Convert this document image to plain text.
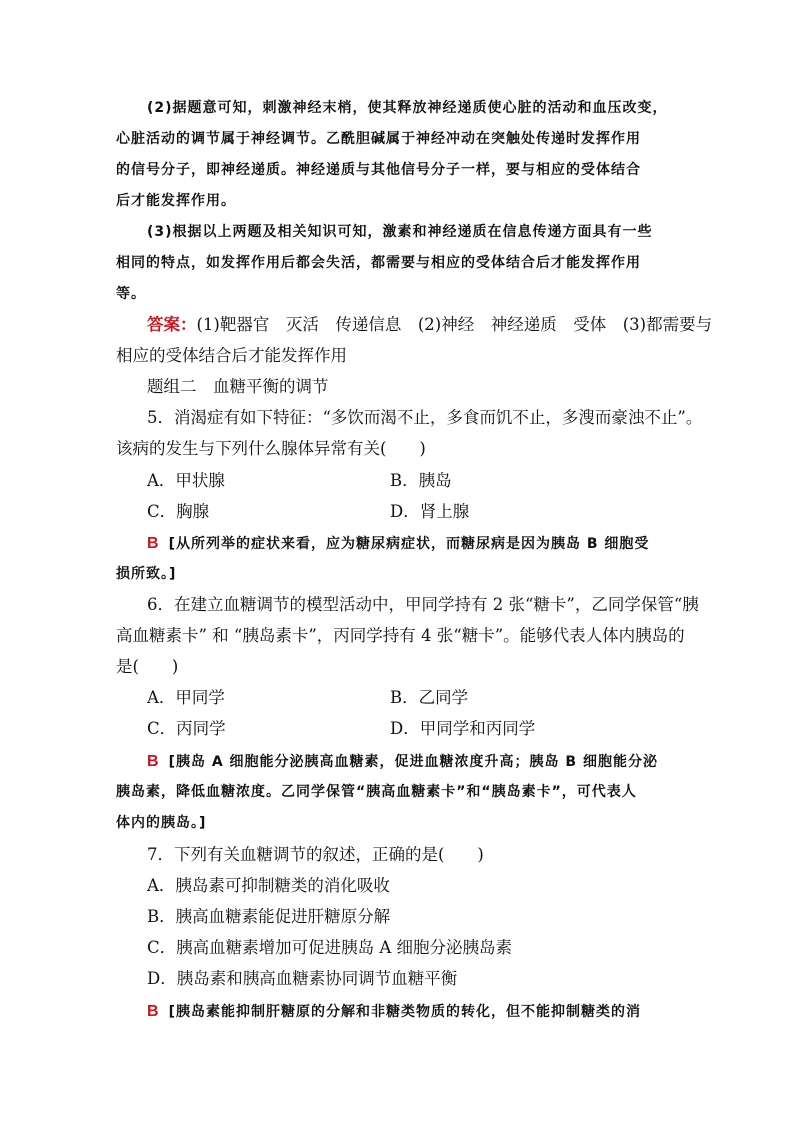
(2)据题意可知，刺激神经末梢，使其释放神经递质使心脏的活动和血压改变，
心脏活动的调节属于神经调节。乙酰胆碱属于神经冲动在突触处传递时发挥作用
的信号分子，即神经递质。神经递质与其他信号分子一样，要与相应的受体结合
后才能发挥作用。
(3)根据以上两题及相关知识可知，激素和神经递质在信息传递方面具有一些
相同的特点，如发挥作用后都会失活，都需要与相应的受体结合后才能发挥作用
等。
答案：(1)靶器官　灭活　传递信息　(2)神经　神经递质　受体　(3)都需要与
相应的受体结合后才能发挥作用
题组二　血糖平衡的调节
5．消渴症有如下特征：“多饮而渴不止，多食而饥不止，多溲而豪浊不止”。
该病的发生与下列什么腺体异常有关(　　)
A．甲状腺	B．胰岛
C．胸腺	D．肾上腺
B [从所列举的症状来看，应为糖尿病症状，而糖尿病是因为胰岛 B 细胞受
损所致。]
6．在建立血糖调节的模型活动中，甲同学持有 2 张“糖卡”，乙同学保管“胰
高血糖素卡” 和 “胰岛素卡”，丙同学持有 4 张“糖卡”。能够代表人体内胰岛的
是(　　)
A．甲同学	B．乙同学
C．丙同学	D．甲同学和丙同学
B [胰岛 A 细胞能分泌胰高血糖素，促进血糖浓度升高；胰岛 B 细胞能分泌
胰岛素，降低血糖浓度。乙同学保管“胰高血糖素卡”和“胰岛素卡”，可代表人
体内的胰岛。]
7．下列有关血糖调节的叙述，正确的是(　　)
A．胰岛素可抑制糖类的消化吸收
B．胰高血糖素能促进肝糖原分解
C．胰高血糖素增加可促进胰岛 A 细胞分泌胰岛素
D．胰岛素和胰高血糖素协同调节血糖平衡
B [胰岛素能抑制肝糖原的分解和非糖类物质的转化，但不能抑制糖类的消
